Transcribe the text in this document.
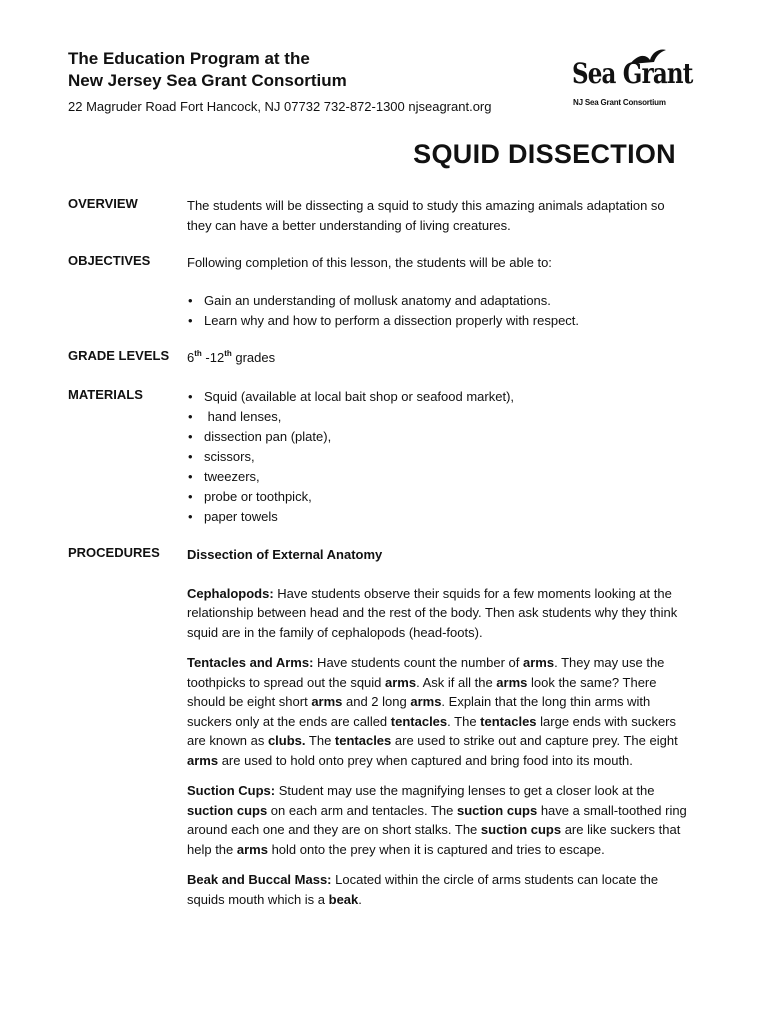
The Education Program at the
New Jersey Sea Grant Consortium
22 Magruder Road Fort Hancock, NJ 07732 732-872-1300 njseagrant.org
Sea Grant
NJ Sea Grant Consortium
SQUID DISSECTION
OVERVIEW	The students will be dissecting a squid to study this amazing animals adaptation so they can have a better understanding of living creatures.
OBJECTIVES	Following completion of this lesson, the students will be able to:
• Gain an understanding of mollusk anatomy and adaptations.
• Learn why and how to perform a dissection properly with respect.
GRADE LEVELS 6th -12th grades
MATERIALS
•	Squid (available at local bait shop or seafood market),
•  hand lenses,
• dissection pan (plate),
• scissors,
• tweezers,
• probe or toothpick,
• paper towels
PROCEDURES Dissection of External Anatomy

Cephalopods: Have students observe their squids for a few moments looking at the relationship between head and the rest of the body. Then ask students why they think squid are in the family of cephalopods (head-foots).

Tentacles and Arms: Have students count the number of arms. They may use the toothpicks to spread out the squid arms. Ask if all the arms look the same? There should be eight short arms and 2 long arms. Explain that the long thin arms with suckers only at the ends are called tentacles. The tentacles large ends with suckers are known as clubs. The tentacles are used to strike out and capture prey. The eight arms are used to hold onto prey when captured and bring food into its mouth.

Suction Cups: Student may use the magnifying lenses to get a closer look at the suction cups on each arm and tentacles. The suction cups have a small-toothed ring around each one and they are on short stalks. The suction cups are like suckers that help the arms hold onto the prey when it is captured and tries to escape.

Beak and Buccal Mass: Located within the circle of arms students can locate the squids mouth which is a beak.
